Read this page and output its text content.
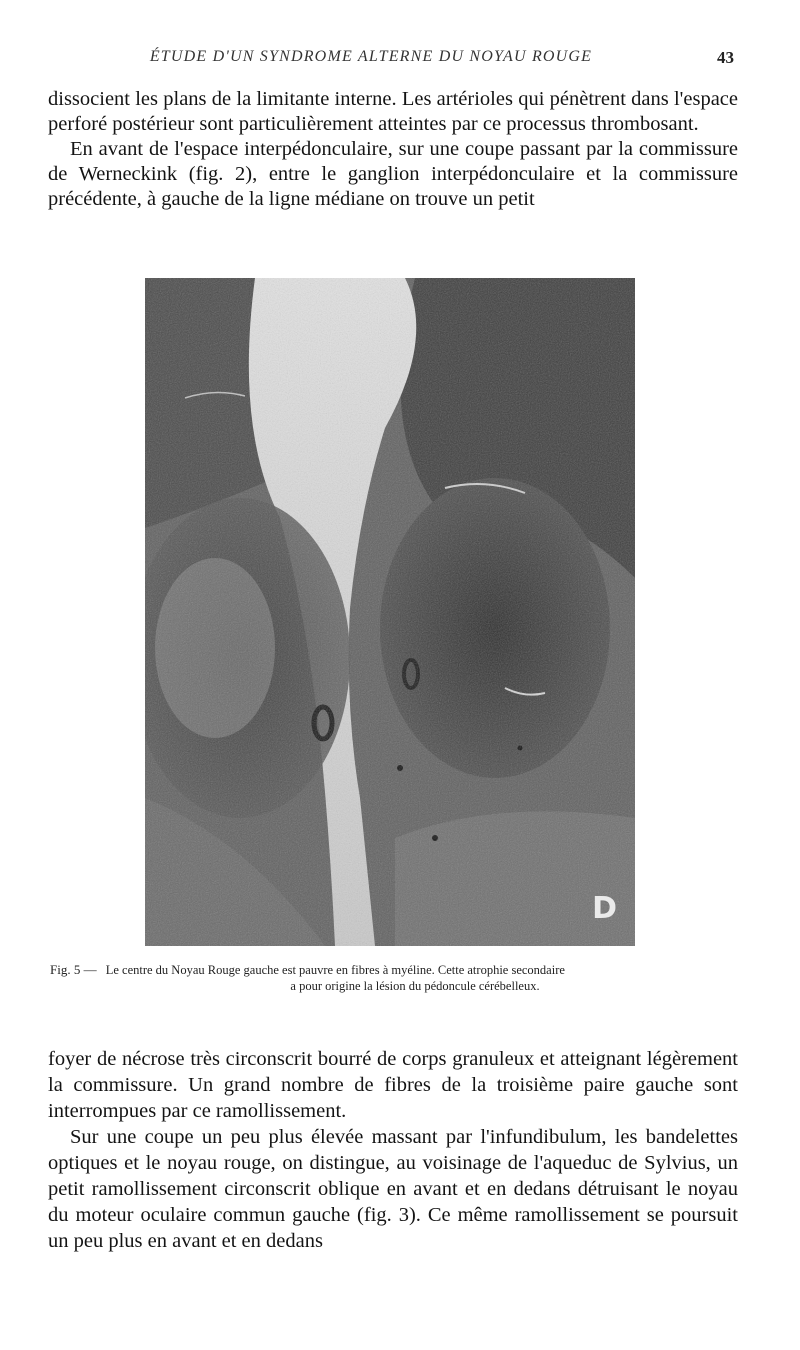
ÉTUDE D'UN SYNDROME ALTERNE DU NOYAU ROUGE	43
dissocient les plans de la limitante interne. Les artérioles qui pénètrent dans l'espace perforé postérieur sont particulièrement atteintes par ce processus thrombosant.
En avant de l'espace interpédonculaire, sur une coupe passant par la commissure de Werneckink (fig. 2), entre le ganglion interpédonculaire et la commissure précédente, à gauche de la ligne médiane on trouve un petit
D
Fig. 5 — Le centre du Noyau Rouge gauche est pauvre en fibres à myéline. Cette atrophie secondaire
a pour origine la lésion du pédoncule cérébelleux.
foyer de nécrose très circonscrit bourré de corps granuleux et atteignant légèrement la commissure. Un grand nombre de fibres de la troisième paire gauche sont interrompues par ce ramollissement.
Sur une coupe un peu plus élevée massant par l'infundibulum, les bandelettes optiques et le noyau rouge, on distingue, au voisinage de l'aqueduc de Sylvius, un petit ramollissement circonscrit oblique en avant et en dedans détruisant le noyau du moteur oculaire commun gauche (fig. 3). Ce même ramollissement se poursuit un peu plus en avant et en dedans
